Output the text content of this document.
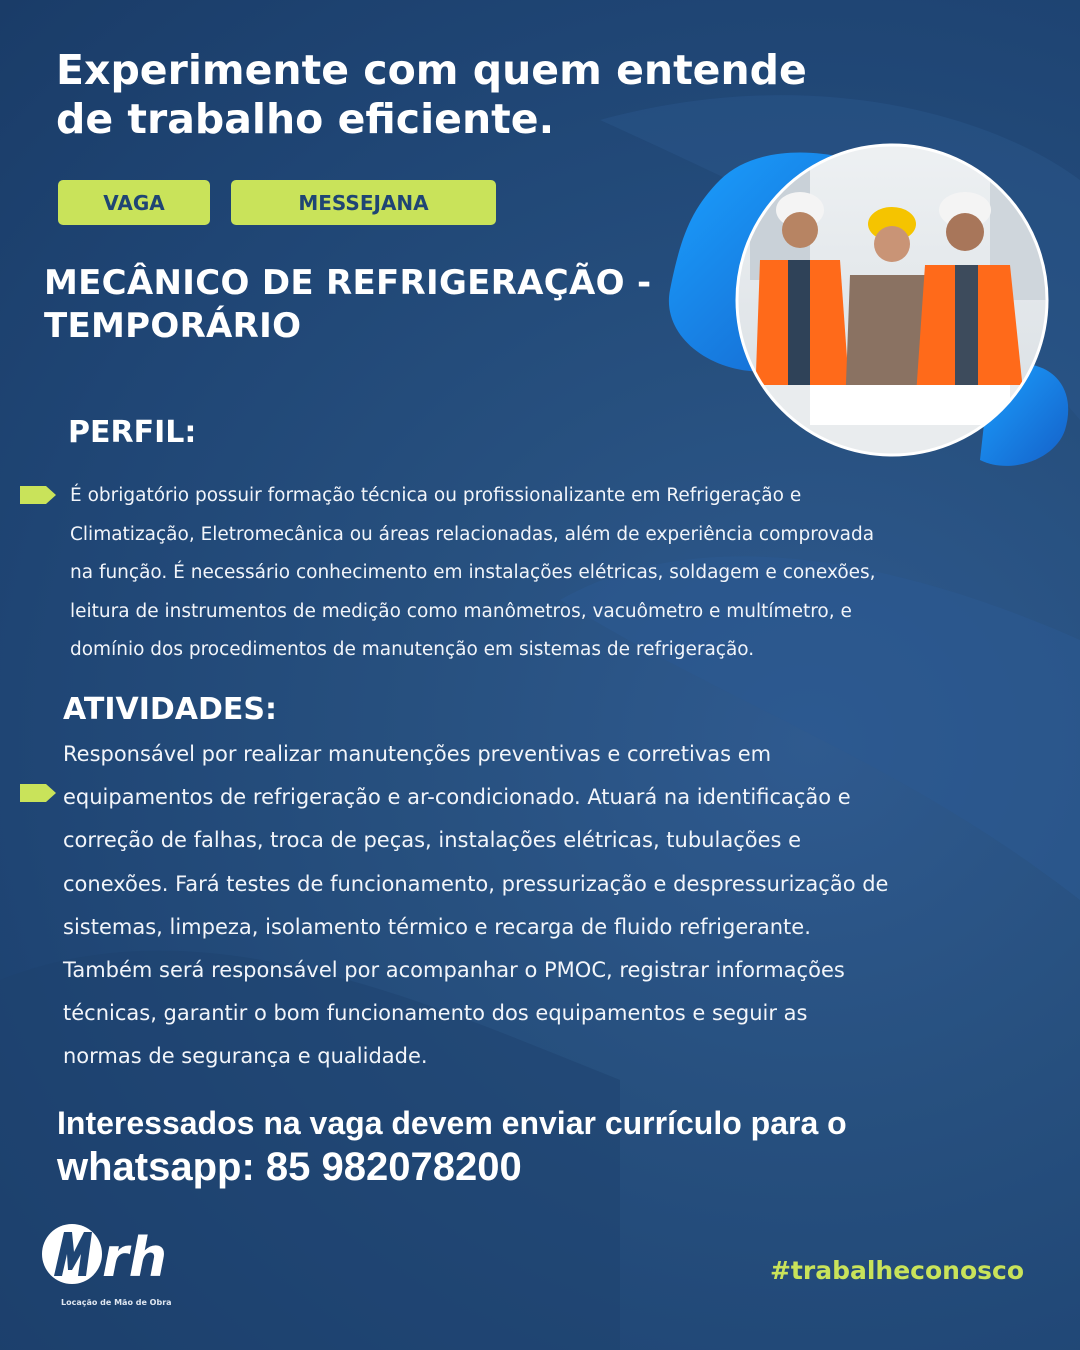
Experimente com quem entende
de trabalho eficiente.
VAGA	MESSEJANA
MECÂNICO DE REFRIGERAÇÃO -
TEMPORÁRIO
PERFIL:
É obrigatório possuir formação técnica ou profissionalizante em Refrigeração e
Climatização, Eletromecânica ou áreas relacionadas, além de experiência comprovada
na função. É necessário conhecimento em instalações elétricas, soldagem e conexões,
leitura de instrumentos de medição como manômetros, vacuômetro e multímetro, e
domínio dos procedimentos de manutenção em sistemas de refrigeração.
ATIVIDADES:
Responsável por realizar manutenções preventivas e corretivas em
equipamentos de refrigeração e ar-condicionado. Atuará na identificação e
correção de falhas, troca de peças, instalações elétricas, tubulações e
conexões. Fará testes de funcionamento, pressurização e despressurização de
sistemas, limpeza, isolamento térmico e recarga de fluido refrigerante.
Também será responsável por acompanhar o PMOC, registrar informações
técnicas, garantir o bom funcionamento dos equipamentos e seguir as
normas de segurança e qualidade.
Interessados na vaga devem enviar currículo para o
whatsapp: 85 982078200
rh
Locação de Mão de Obra
#trabalheconosco
